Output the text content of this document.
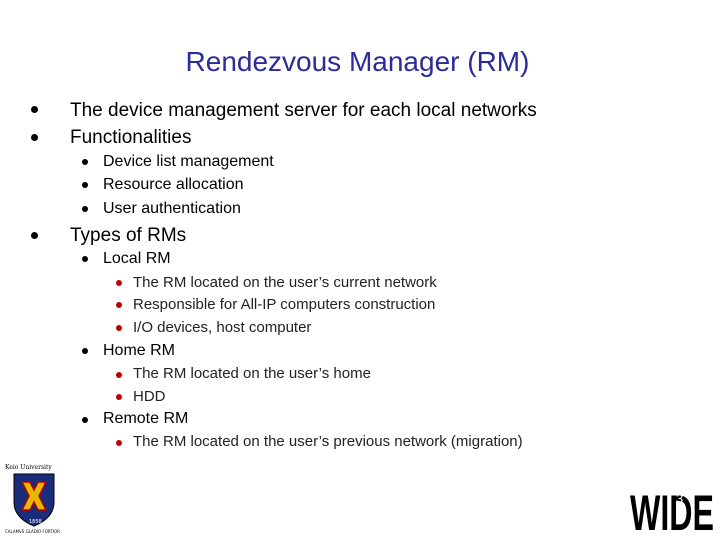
Rendezvous Manager (RM)
The device management server for each local networks
Functionalities
Device list management
Resource allocation
User authentication
Types of RMs
Local RM
The RM located on the user’s current network
Responsible for All-IP computers construction
I/O devices, host computer
Home RM
The RM located on the user’s home
HDD
Remote RM
The RM located on the user’s previous network (migration)
Keio University
1858
CALAMVS GLADIO FORTIOR	WIDE
3
